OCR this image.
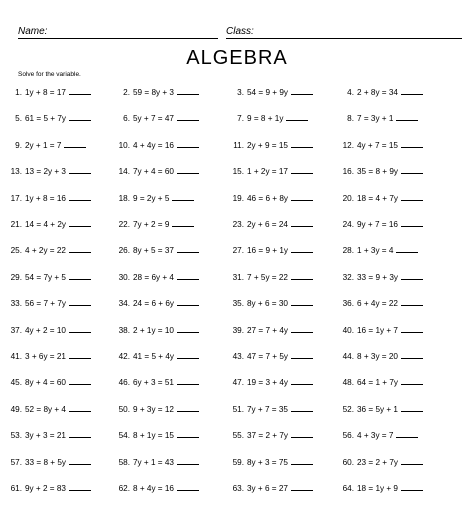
Name:	Class:
ALGEBRA
Solve for the variable.
1. 1y + 8 = 17	2. 59 = 8y + 3	3. 54 = 9 + 9y	4. 2 + 8y = 34
5. 61 = 5 + 7y	6. 5y + 7 = 47	7. 9 = 8 + 1y	8. 7 = 3y + 1
9. 2y + 1 = 7	10. 4 + 4y = 16	11. 2y + 9 = 15	12. 4y + 7 = 15
13. 13 = 2y + 3	14. 7y + 4 = 60	15. 1 + 2y = 17	16. 35 = 8 + 9y
17. 1y + 8 = 16	18. 9 = 2y + 5	19. 46 = 6 + 8y	20. 18 = 4 + 7y
21. 14 = 4 + 2y	22. 7y + 2 = 9	23. 2y + 6 = 24	24. 9y + 7 = 16
25. 4 + 2y = 22	26. 8y + 5 = 37	27. 16 = 9 + 1y	28. 1 + 3y = 4
29. 54 = 7y + 5	30. 28 = 6y + 4	31. 7 + 5y = 22	32. 33 = 9 + 3y
33. 56 = 7 + 7y	34. 24 = 6 + 6y	35. 8y + 6 = 30	36. 6 + 4y = 22
37. 4y + 2 = 10	38. 2 + 1y = 10	39. 27 = 7 + 4y	40. 16 = 1y + 7
41. 3 + 6y = 21	42. 41 = 5 + 4y	43. 47 = 7 + 5y	44. 8 + 3y = 20
45. 8y + 4 = 60	46. 6y + 3 = 51	47. 19 = 3 + 4y	48. 64 = 1 + 7y
49. 52 = 8y + 4	50. 9 + 3y = 12	51. 7y + 7 = 35	52. 36 = 5y + 1
53. 3y + 3 = 21	54. 8 + 1y = 15	55. 37 = 2 + 7y	56. 4 + 3y = 7
57. 33 = 8 + 5y	58. 7y + 1 = 43	59. 8y + 3 = 75	60. 23 = 2 + 7y
61. 9y + 2 = 83	62. 8 + 4y = 16	63. 3y + 6 = 27	64. 18 = 1y + 9
